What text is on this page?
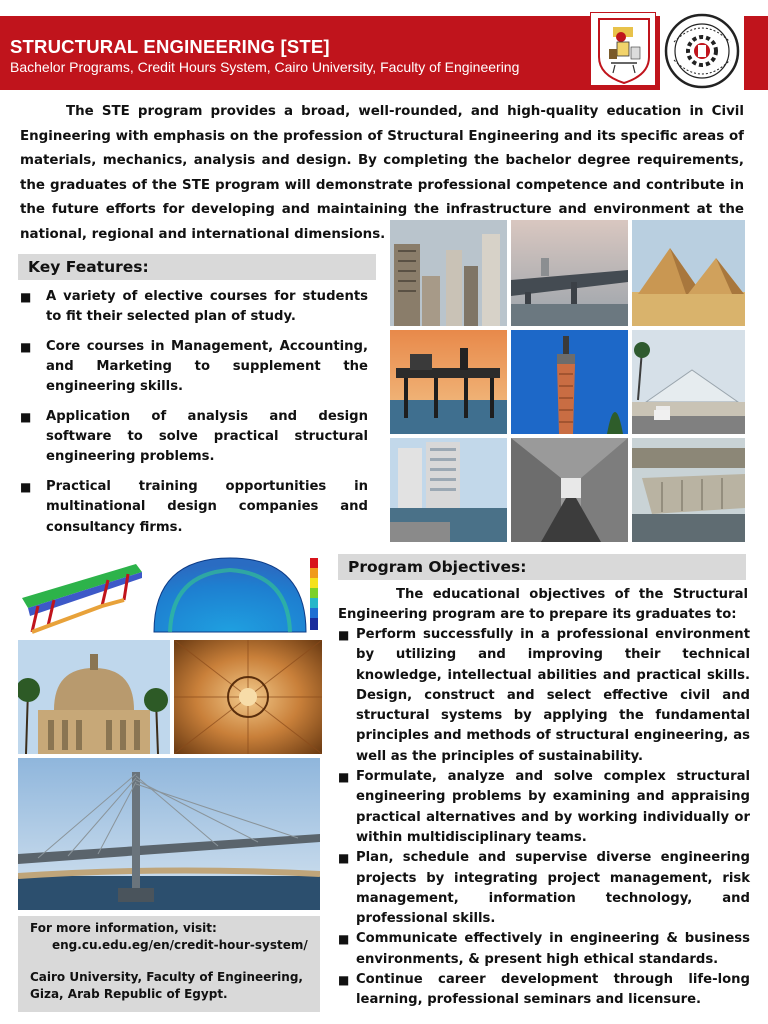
STRUCTURAL ENGINEERING [STE]
Bachelor Programs, Credit Hours System, Cairo University, Faculty of Engineering

The STE program provides a broad, well-rounded, and high-quality education in Civil Engineering with emphasis on the profession of Structural Engineering and its specific areas of materials, mechanics, analysis and design. By completing the bachelor degree requirements, the graduates of the STE program will demonstrate professional competence and contribute in the future efforts for developing and maintaining the infrastructure and environment at the national, regional and international dimensions.

Key Features:
■ A variety of elective courses for students to fit their selected plan of study.
■ Core courses in Management, Accounting, and Marketing to supplement the engineering skills.
■ Application of analysis and design software to solve practical structural engineering problems.
■ Practical training opportunities in multinational design companies and consultancy firms.
For more information, visit:
eng.cu.edu.eg/en/credit-hour-system/
Cairo University, Faculty of Engineering,
Giza, Arab Republic of Egypt.
Program Objectives:

The educational objectives of the Structural Engineering program are to prepare its graduates to:

■ Perform successfully in a professional environment by utilizing and improving their technical knowledge, intellectual abilities and practical skills. Design, construct and select effective civil and structural systems by applying the fundamental principles and methods of structural engineering, as well as the principles of sustainability.
■ Formulate, analyze and solve complex structural engineering problems by examining and appraising practical alternatives and by working individually or within multidisciplinary teams.
■ Plan, schedule and supervise diverse engineering projects by integrating project management, risk management, information technology, and professional skills.
■ Communicate effectively in engineering & business environments, & present high ethical standards.
■ Continue career development through life-long learning, professional seminars and licensure.
